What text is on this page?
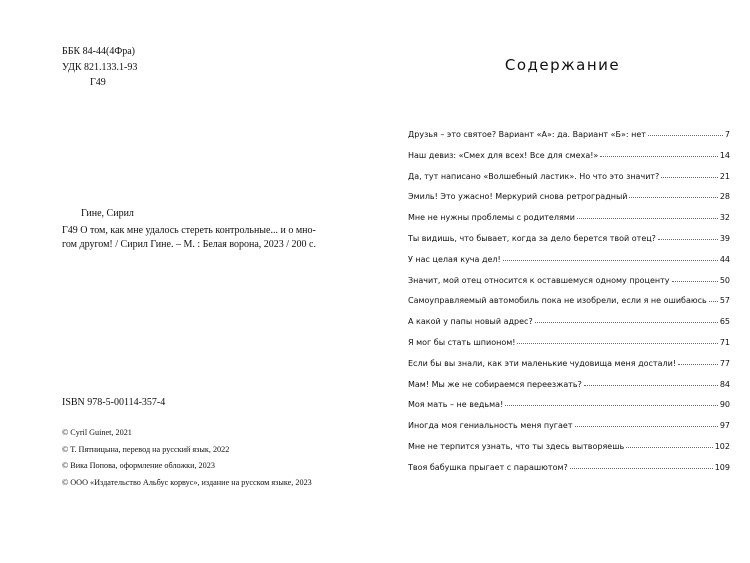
ББК 84-44(4Фра)
УДК 821.133.1-93
Г49
Гине, Сирил
Г49 О том, как мне удалось стереть контрольные... и о мно-
гом другом! / Сирил Гине. – М. : Белая ворона, 2023 / 200 с.
ISBN 978-5-00114-357-4
© Cyril Guinet, 2021
© Т. Пятницына, перевод на русский язык, 2022
© Вика Попова, оформление обложки, 2023
© ООО «Издательство Альбус корвус», издание на русском языке, 2023
Содержание
Друзья – это святое? Вариант «А»: да. Вариант «Б»: нет	7
Наш девиз: «Смех для всех! Все для смеха!»	14
Да, тут написано «Волшебный ластик». Но что это значит?	21
Эмиль! Это ужасно! Меркурий снова ретроградный	28
Мне не нужны проблемы с родителями	32
Ты видишь, что бывает, когда за дело берется твой отец?	39
У нас целая куча дел!	44
Значит, мой отец относится к оставшемуся одному проценту	50
Самоуправляемый автомобиль пока не изобрели, если я не ошибаюсь 57
А какой у папы новый адрес?	65
Я мог бы стать шпионом!	71
Если бы вы знали, как эти маленькие чудовища меня достали!	77
Мам! Мы же не собираемся переезжать?	84
Моя мать – не ведьма!	90
Иногда моя гениальность меня пугает	97
Мне не терпится узнать, что ты здесь вытворяешь	102
Твоя бабушка прыгает с парашютом?	109
